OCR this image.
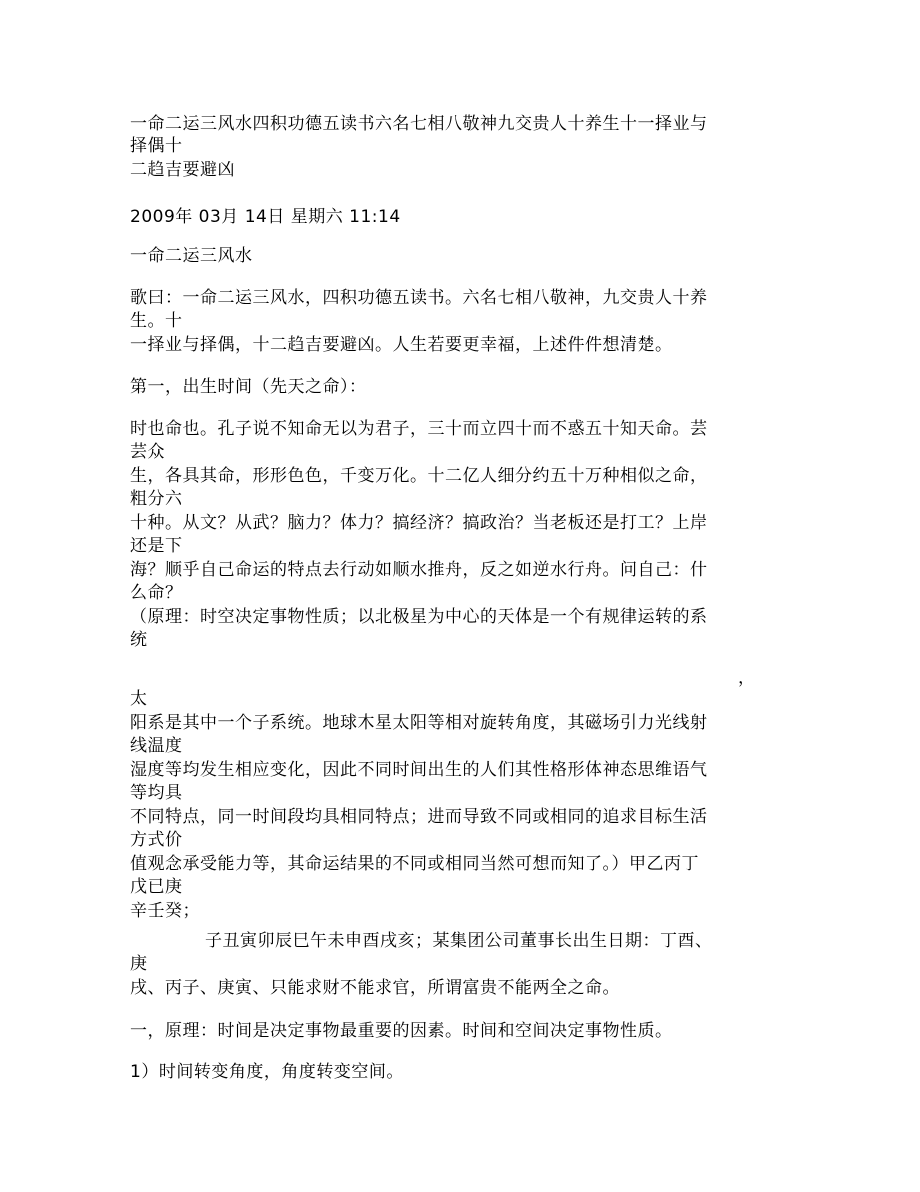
一命二运三风水四积功德五读书六名七相八敬神九交贵人十养生十一择业与

择偶十

二趋吉要避凶

2009年 03月 14日 星期六 11:14

一命二运三风水

歌曰：一命二运三风水，四积功德五读书。六名七相八敬神，九交贵人十养

生。十

一择业与择偶，十二趋吉要避凶。人生若要更幸福，上述件件想清楚。

第一，出生时间（先天之命）：

时也命也。孔子说不知命无以为君子，三十而立四十而不惑五十知天命。芸

芸众

生，各具其命，形形色色，千变万化。十二亿人细分约五十万种相似之命，

粗分六

十种。从文？从武？脑力？体力？搞经济？搞政治？当老板还是打工？上岸

还是下

海？顺乎自己命运的特点去行动如顺水推舟，反之如逆水行舟。问自己：什

么命？

（原理：时空决定事物性质；以北极星为中心的天体是一个有规律运转的系

统

，

太

阳系是其中一个子系统。地球木星太阳等相对旋转角度，其磁场引力光线射

线温度

湿度等均发生相应变化，因此不同时间出生的人们其性格形体神态思维语气

等均具

不同特点，同一时间段均具相同特点；进而导致不同或相同的追求目标生活

方式价

值观念承受能力等，其命运结果的不同或相同当然可想而知了。）甲乙丙丁

戊已庚

辛壬癸；

子丑寅卯辰巳午未申酉戌亥；某集团公司董事长出生日期：丁酉、

庚

戌、丙子、庚寅、只能求财不能求官，所谓富贵不能两全之命。

一，原理：时间是决定事物最重要的因素。时间和空间决定事物性质。

1）时间转变角度，角度转变空间。
